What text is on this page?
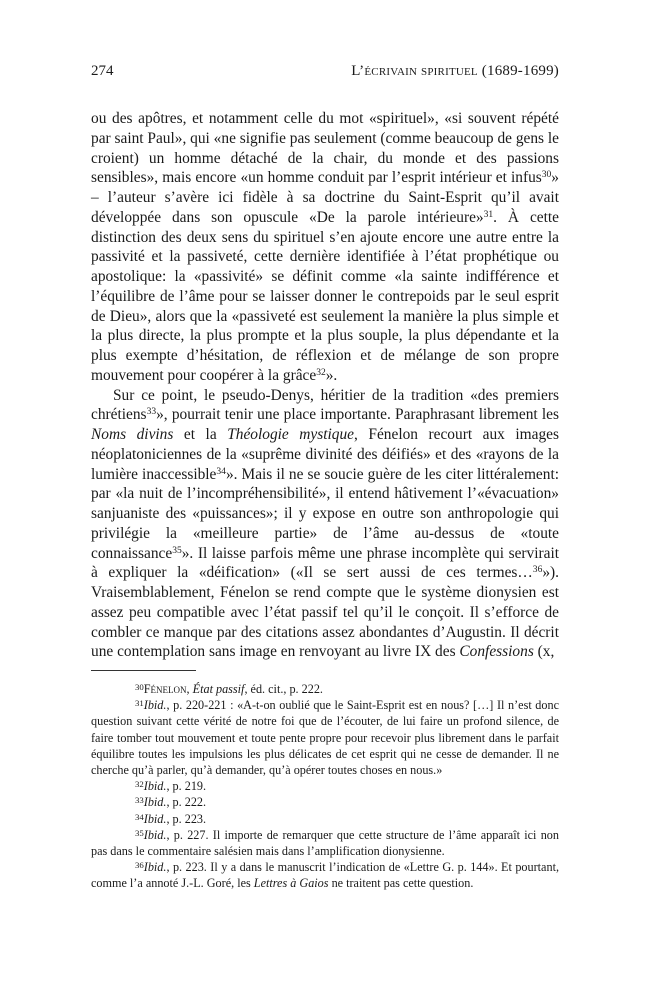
274	L’écrivain spirituel (1689-1699)

ou des apôtres, et notamment celle du mot «spirituel», «si souvent répété par saint Paul», qui «ne signifie pas seulement (comme beaucoup de gens le croient) un homme détaché de la chair, du monde et des passions sensibles», mais encore «un homme conduit par l’esprit intérieur et infus$^{30}$» – l’auteur s’avère ici fidèle à sa doctrine du Saint-Esprit qu’il avait développée dans son opuscule «De la parole intérieure»$^{31}$. À cette distinction des deux sens du spirituel s’en ajoute encore une autre entre la passivité et la passiveté, cette dernière identifiée à l’état prophétique ou apostolique: la «passivité» se définit comme «la sainte indifférence et l’équilibre de l’âme pour se laisser donner le contrepoids par le seul esprit de Dieu», alors que la «passiveté est seulement la manière la plus simple et la plus directe, la plus prompte et la plus souple, la plus dépendante et la plus exempte d’hésitation, de réflexion et de mélange de son propre mouvement pour coopérer à la grâce$^{32}$».

Sur ce point, le pseudo-Denys, héritier de la tradition «des premiers chrétiens$^{33}$», pourrait tenir une place importante. Paraphrasant librement les Noms divins et la Théologie mystique, Fénelon recourt aux images néoplatoniciennes de la «suprême divinité des déifiés» et des «rayons de la lumière inaccessible$^{34}$». Mais il ne se soucie guère de les citer littéralement: par «la nuit de l’incompréhensibilité», il entend hâtivement l’«évacuation» sanjuaniste des «puissances»; il y expose en outre son anthropologie qui privilégie la «meilleure partie» de l’âme au-dessus de «toute connaissance$^{35}$». Il laisse parfois même une phrase incomplète qui servirait à expliquer la «déification» («Il se sert aussi de ces termes…$^{36}$»). Vraisemblablement, Fénelon se rend compte que le système dionysien est assez peu compatible avec l’état passif tel qu’il le conçoit. Il s’efforce de combler ce manque par des citations assez abondantes d’Augustin. Il décrit une contemplation sans image en renvoyant au livre IX des Confessions (x,

30Fénelon, État passif, éd. cit., p. 222.

31Ibid., p. 220-221 : «A-t-on oublié que le Saint-Esprit est en nous? […] Il n’est donc question suivant cette vérité de notre foi que de l’écouter, de lui faire un profond silence, de faire tomber tout mouvement et toute pente propre pour recevoir plus librement dans le parfait équilibre toutes les impulsions les plus délicates de cet esprit qui ne cesse de demander. Il ne cherche qu’à parler, qu’à demander, qu’à opérer toutes choses en nous.»

32Ibid., p. 219.

33Ibid., p. 222.

34Ibid., p. 223.

35Ibid., p. 227. Il importe de remarquer que cette structure de l’âme apparaît ici non pas dans le commentaire salésien mais dans l’amplification dionysienne.

36Ibid., p. 223. Il y a dans le manuscrit l’indication de «Lettre G. p. 144». Et pourtant, comme l’a annoté J.-L. Goré, les Lettres à Gaios ne traitent pas cette question.
